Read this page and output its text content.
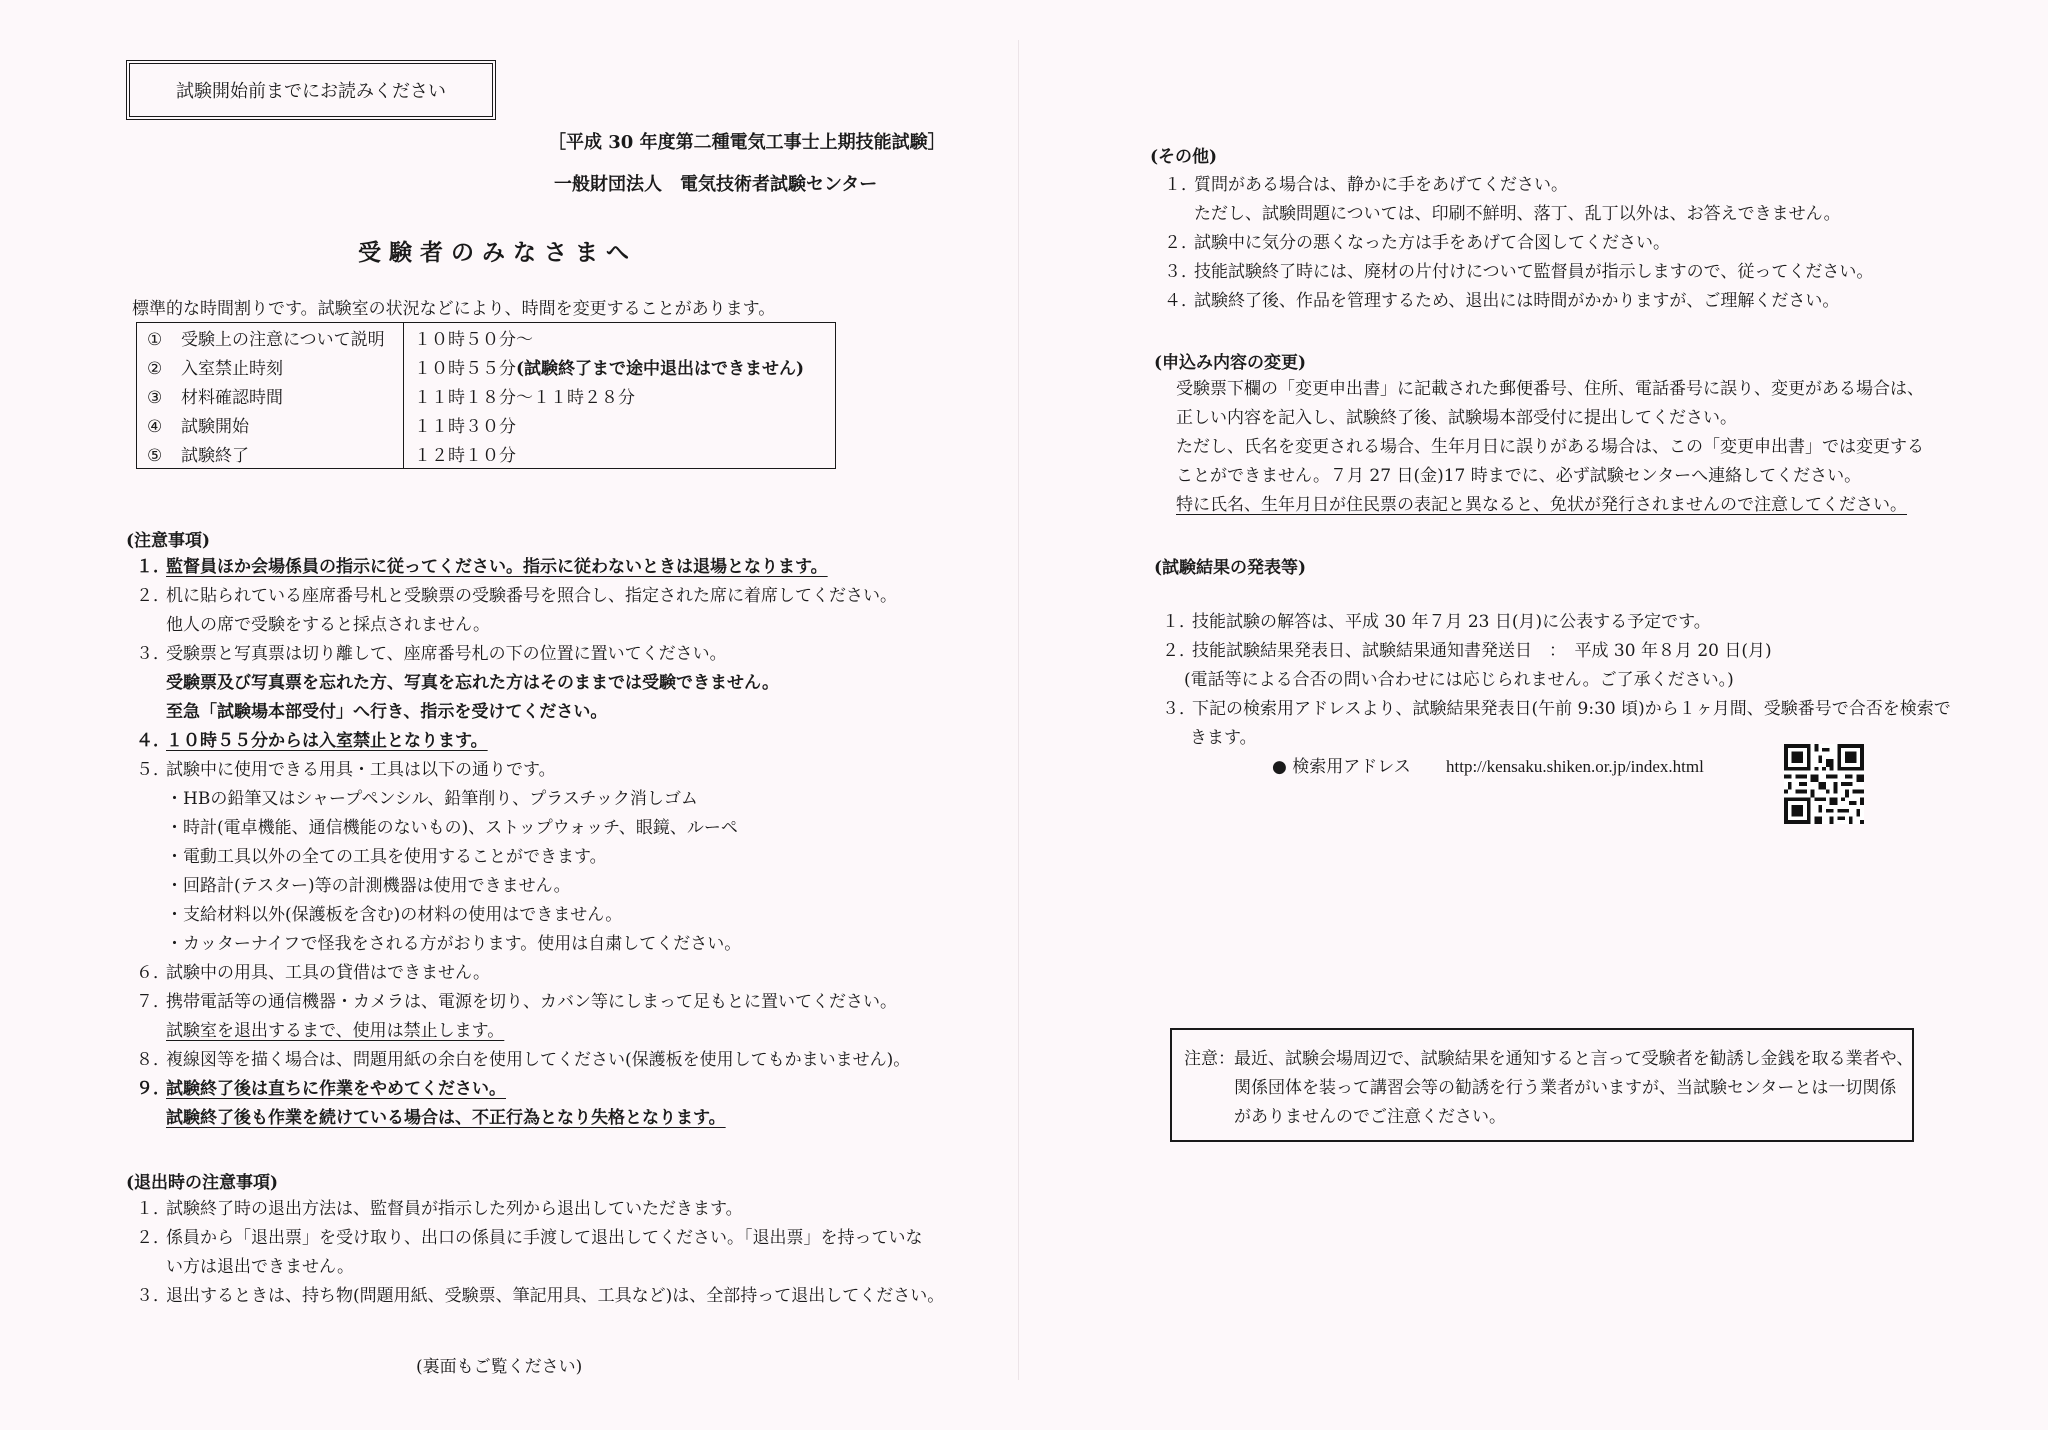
試験開始前までにお読みください
［平成 30 年度第二種電気工事士上期技能試験］
一般財団法人　電気技術者試験センター
受験者のみなさまへ
標準的な時間割りです。試験室の状況などにより、時間を変更することがあります。
① 受験上の注意について説明	１０時５０分～
② 入室禁止時刻	１０時５５分(試験終了まで途中退出はできません)
③ 材料確認時間	１１時１８分～１１時２８分
④ 試験開始	１１時３０分
⑤ 試験終了	１２時１０分
(注意事項)
１．監督員ほか会場係員の指示に従ってください。指示に従わないときは退場となります。
２．机に貼られている座席番号札と受験票の受験番号を照合し、指定された席に着席してください。
他人の席で受験をすると採点されません。
３．受験票と写真票は切り離して、座席番号札の下の位置に置いてください。
受験票及び写真票を忘れた方、写真を忘れた方はそのままでは受験できません。
至急「試験場本部受付」へ行き、指示を受けてください。
４．１０時５５分からは入室禁止となります。
５．試験中に使用できる用具・工具は以下の通りです。
・HBの鉛筆又はシャープペンシル、鉛筆削り、プラスチック消しゴム
・時計(電卓機能、通信機能のないもの)、ストップウォッチ、眼鏡、ルーペ
・電動工具以外の全ての工具を使用することができます。
・回路計(テスター)等の計測機器は使用できません。
・支給材料以外(保護板を含む)の材料の使用はできません。
・カッターナイフで怪我をされる方がおります。使用は自粛してください。
６．試験中の用具、工具の貸借はできません。
７．携帯電話等の通信機器・カメラは、電源を切り、カバン等にしまって足もとに置いてください。
試験室を退出するまで、使用は禁止します。
８．複線図等を描く場合は、問題用紙の余白を使用してください(保護板を使用してもかまいません)。
９．試験終了後は直ちに作業をやめてください。
試験終了後も作業を続けている場合は、不正行為となり失格となります。
(退出時の注意事項)
１．試験終了時の退出方法は、監督員が指示した列から退出していただきます。
２．係員から「退出票」を受け取り、出口の係員に手渡して退出してください。「退出票」を持っていな
い方は退出できません。
３．退出するときは、持ち物(問題用紙、受験票、筆記用具、工具など)は、全部持って退出してください。
(裏面もご覧ください)
(その他)
１．質問がある場合は、静かに手をあげてください。
ただし、試験問題については、印刷不鮮明、落丁、乱丁以外は、お答えできません。
２．試験中に気分の悪くなった方は手をあげて合図してください。
３．技能試験終了時には、廃材の片付けについて監督員が指示しますので、従ってください。
４．試験終了後、作品を管理するため、退出には時間がかかりますが、ご理解ください。
(申込み内容の変更)
受験票下欄の「変更申出書」に記載された郵便番号、住所、電話番号に誤り、変更がある場合は、
正しい内容を記入し、試験終了後、試験場本部受付に提出してください。
ただし、氏名を変更される場合、生年月日に誤りがある場合は、この「変更申出書」では変更する
ことができません。７月 27 日(金)17 時までに、必ず試験センターへ連絡してください。
特に氏名、生年月日が住民票の表記と異なると、免状が発行されませんので注意してください。
(試験結果の発表等)
１．技能試験の解答は、平成 30 年７月 23 日(月)に公表する予定です。
２．技能試験結果発表日、試験結果通知書発送日　：　平成 30 年８月 20 日(月)
(電話等による合否の問い合わせには応じられません。ご了承ください。)
３．下記の検索用アドレスより、試験結果発表日(午前 9:30 頃)から１ヶ月間、受験番号で合否を検索で
きます。
● 検索用アドレス http://kensaku.shiken.or.jp/index.html
注意： 最近、試験会場周辺で、試験結果を通知すると言って受験者を勧誘し金銭を取る業者や、
関係団体を装って講習会等の勧誘を行う業者がいますが、当試験センターとは一切関係
がありませんのでご注意ください。
